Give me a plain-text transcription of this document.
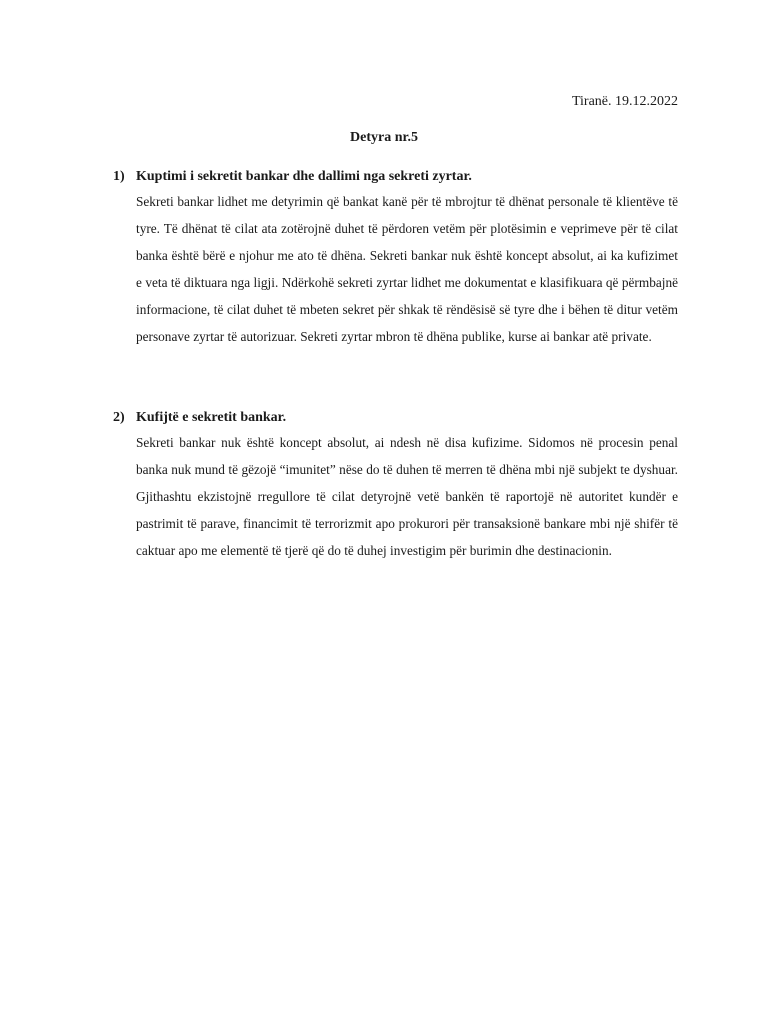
Tiranë. 19.12.2022
Detyra nr.5
1) Kuptimi i sekretit bankar dhe dallimi nga sekreti zyrtar.
Sekreti bankar lidhet me detyrimin që bankat kanë për të mbrojtur të dhënat personale të klientëve të tyre. Të dhënat të cilat ata zotërojnë duhet të përdoren vetëm për plotësimin e veprimeve për të cilat banka është bërë e njohur me ato të dhëna. Sekreti bankar nuk është koncept absolut, ai ka kufizimet e veta të diktuara nga ligji. Ndërkohë sekreti zyrtar lidhet me dokumentat e klasifikuara që përmbajnë informacione, të cilat duhet të mbeten sekret për shkak të rëndësisë së tyre dhe i bëhen të ditur vetëm personave zyrtar të autorizuar. Sekreti zyrtar mbron të dhëna publike, kurse ai bankar atë private.
2) Kufijtë e sekretit bankar.
Sekreti bankar nuk është koncept absolut, ai ndesh në disa kufizime. Sidomos në procesin penal banka nuk mund të gëzojë “imunitet” nëse do të duhen të merren të dhëna mbi një subjekt te dyshuar. Gjithashtu ekzistojnë rregullore të cilat detyrojnë vetë bankën të raportojë në autoritet kundër e pastrimit të parave, financimit të terrorizmit apo prokurori për transaksionë bankare mbi një shifër të caktuar apo me elementë të tjerë që do të duhej investigim për burimin dhe destinacionin.
